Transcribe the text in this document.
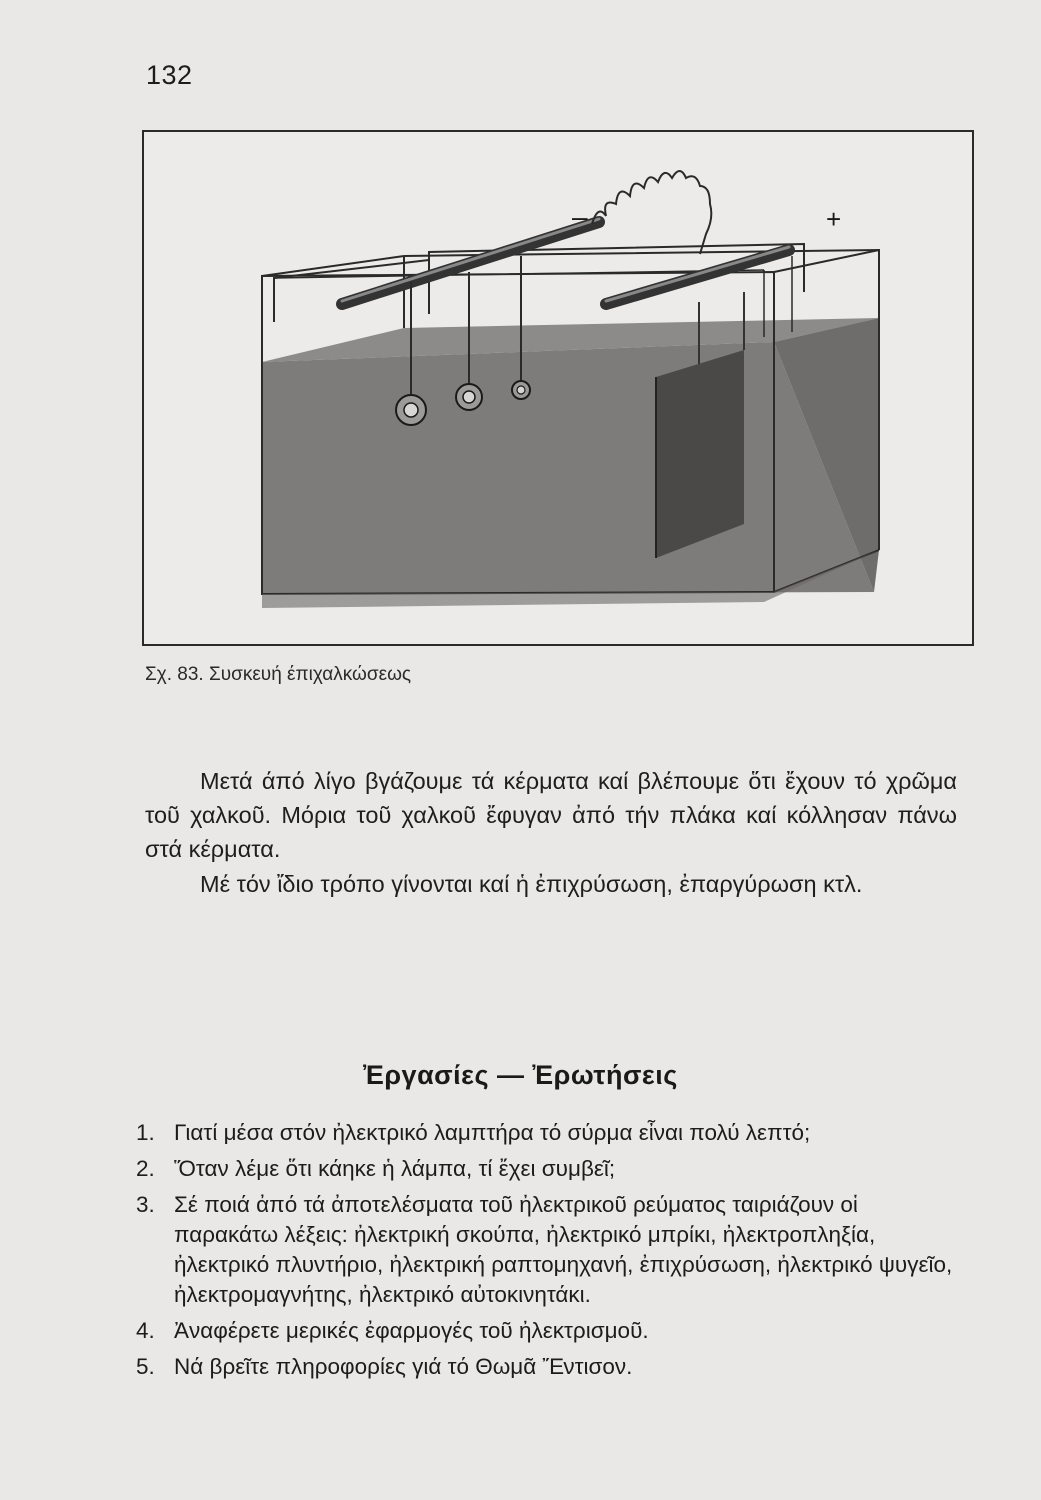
132
–	+
Σχ. 83. Συσκευή έπιχαλκώσεως

Μετά άπό λίγο βγάζουμε τά κέρματα καί βλέπουμε ὅτι ἔχουν τό χρῶμα τοῦ χαλκοῦ. Μόρια τοῦ χαλκοῦ ἔφυγαν ἀπό τήν πλάκα καί κόλλησαν πάνω στά κέρματα.

Μέ τόν ἴδιο τρόπο γίνονται καί ἡ ἐπιχρύσωση, ἐπαργύρωση κτλ.

Ἐργασίες — Ἐρωτήσεις
1. Γιατί μέσα στόν ἠλεκτρικό λαμπτήρα τό σύρμα εἶναι πολύ λεπτό;
2. Ὅταν λέμε ὅτι κάηκε ἡ λάμπα, τί ἔχει συμβεῖ;
3. Σέ ποιά ἀπό τά ἀποτελέσματα τοῦ ἠλεκτρικοῦ ρεύματος ταιριάζουν οἱ παρακάτω λέξεις: ἠλεκτρική σκούπα, ἠλεκτρικό μπρίκι, ἠλεκτροπληξία, ἠλεκτρικό πλυντήριο, ἠλεκτρική ραπτομηχανή, ἐπιχρύσωση, ἠλεκτρικό ψυγεῖο, ἠλεκτρομαγνήτης, ἠλεκτρικό αὐτοκινητάκι.
4. Ἀναφέρετε μερικές ἐφαρμογές τοῦ ἠλεκτρισμοῦ.
5. Νά βρεῖτε πληροφορίες γιά τό Θωμᾶ Ἔντισον.
